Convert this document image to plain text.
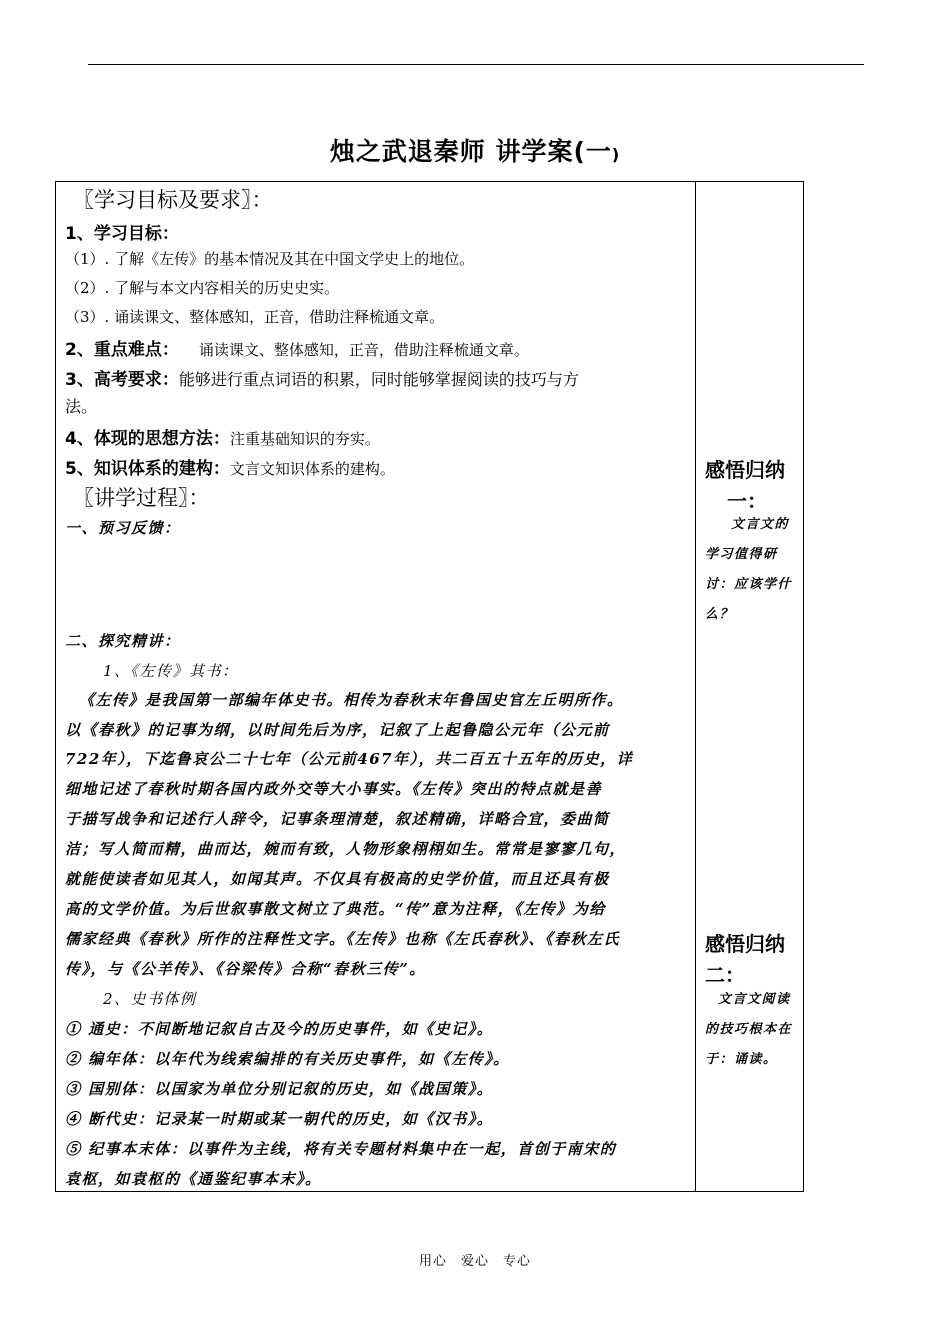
烛之武退秦师 讲学案(一)
〖学习目标及要求〗：
1、学习目标：
（1）. 了解《左传》的基本情况及其在中国文学史上的地位。
（2）. 了解与本文内容相关的历史史实。
（3）. 诵读课文、整体感知，正音，借助注释梳通文章。
2、重点难点： 诵读课文、整体感知，正音，借助注释梳通文章。
3、高考要求：能够进行重点词语的积累，同时能够掌握阅读的技巧与方
法。
4、体现的思想方法：注重基础知识的夯实。
5、知识体系的建构：文言文知识体系的建构。
〖讲学过程〗：
一、预习反馈：
二、探究精讲：
1、《左传》其书：
《左传》是我国第一部编年体史书。相传为春秋末年鲁国史官左丘明所作。
以《春秋》的记事为纲，以时间先后为序，记叙了上起鲁隐公元年（公元前
722年），下迄鲁哀公二十七年（公元前467年），共二百五十五年的历史，详
细地记述了春秋时期各国内政外交等大小事实。《左传》突出的特点就是善
于描写战争和记述行人辞令，记事条理清楚，叙述精确，详略合宜，委曲简
洁；写人简而精，曲而达，婉而有致，人物形象栩栩如生。常常是寥寥几句，
就能使读者如见其人，如闻其声。不仅具有极高的史学价值，而且还具有极
高的文学价值。为后世叙事散文树立了典范。“传”意为注释，《左传》为给
儒家经典《春秋》所作的注释性文字。《左传》也称《左氏春秋》、《春秋左氏
传》，与《公羊传》、《谷梁传》合称“春秋三传”。
2、史书体例
① 通史：不间断地记叙自古及今的历史事件，如《史记》。
② 编年体：以年代为线索编排的有关历史事件，如《左传》。
③ 国别体：以国家为单位分别记叙的历史，如《战国策》。
④ 断代史：记录某一时期或某一朝代的历史，如《汉书》。
⑤ 纪事本末体：以事件为主线，将有关专题材料集中在一起，首创于南宋的
袁枢，如袁枢的《通鉴纪事本末》。
感悟归纳
一：
文言文的学习值得研讨：应该学什么？
感悟归纳
二：
文言文阅读的技巧根本在于：诵读。
用心　爱心　专心
